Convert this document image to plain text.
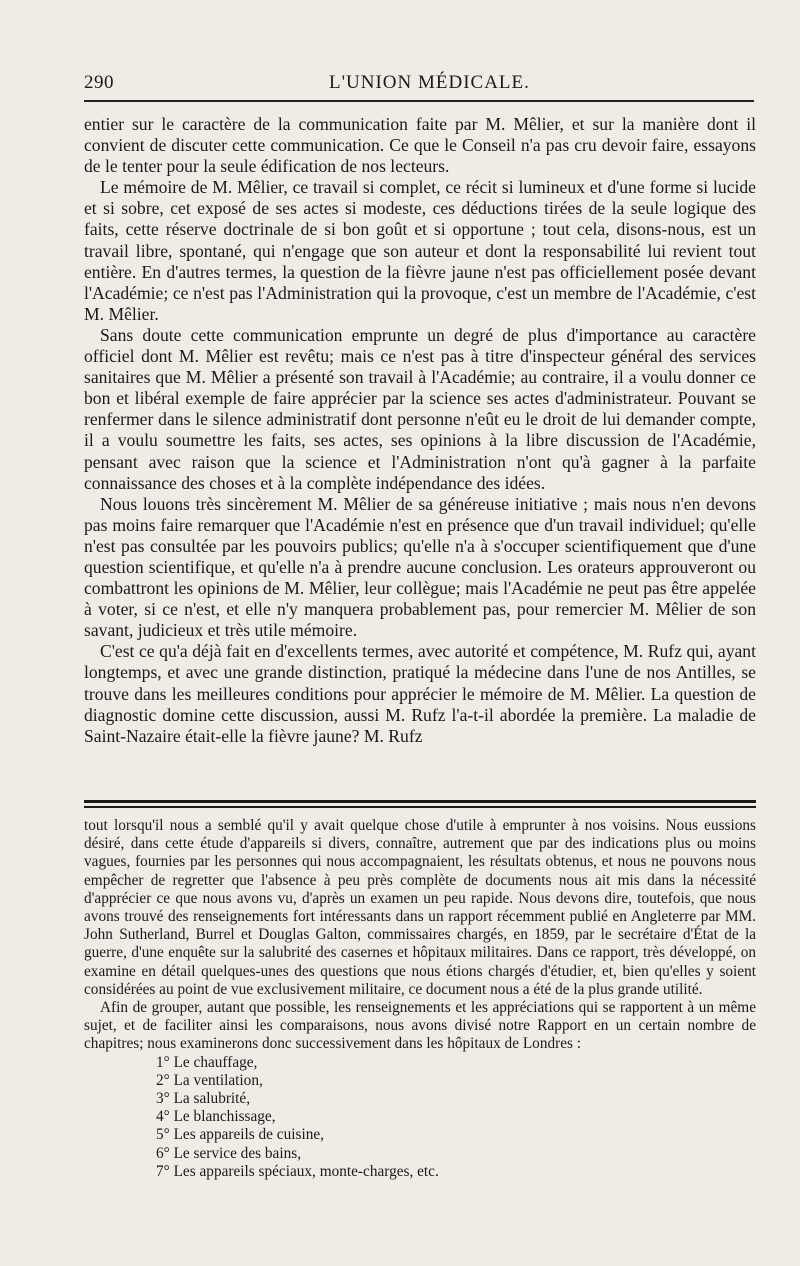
290	L'UNION MÉDICALE.

entier sur le caractère de la communication faite par M. Mêlier, et sur la manière dont il convient de discuter cette communication. Ce que le Conseil n'a pas cru devoir faire, essayons de le tenter pour la seule édification de nos lecteurs.

Le mémoire de M. Mêlier, ce travail si complet, ce récit si lumineux et d'une forme si lucide et si sobre, cet exposé de ses actes si modeste, ces déductions tirées de la seule logique des faits, cette réserve doctrinale de si bon goût et si opportune ; tout cela, disons-nous, est un travail libre, spontané, qui n'engage que son auteur et dont la responsabilité lui revient tout entière. En d'autres termes, la question de la fièvre jaune n'est pas officiellement posée devant l'Académie; ce n'est pas l'Administration qui la provoque, c'est un membre de l'Académie, c'est M. Mêlier.

Sans doute cette communication emprunte un degré de plus d'importance au caractère officiel dont M. Mêlier est revêtu; mais ce n'est pas à titre d'inspecteur général des services sanitaires que M. Mêlier a présenté son travail à l'Académie; au contraire, il a voulu donner ce bon et libéral exemple de faire apprécier par la science ses actes d'administrateur. Pouvant se renfermer dans le silence administratif dont personne n'eût eu le droit de lui demander compte, il a voulu soumettre les faits, ses actes, ses opinions à la libre discussion de l'Académie, pensant avec raison que la science et l'Administration n'ont qu'à gagner à la parfaite connaissance des choses et à la complète indépendance des idées.

Nous louons très sincèrement M. Mêlier de sa généreuse initiative ; mais nous n'en devons pas moins faire remarquer que l'Académie n'est en présence que d'un travail individuel; qu'elle n'est pas consultée par les pouvoirs publics; qu'elle n'a à s'occuper scientifiquement que d'une question scientifique, et qu'elle n'a à prendre aucune conclusion. Les orateurs approuveront ou combattront les opinions de M. Mêlier, leur collègue; mais l'Académie ne peut pas être appelée à voter, si ce n'est, et elle n'y manquera probablement pas, pour remercier M. Mêlier de son savant, judicieux et très utile mémoire.

C'est ce qu'a déjà fait en d'excellents termes, avec autorité et compétence, M. Rufz qui, ayant longtemps, et avec une grande distinction, pratiqué la médecine dans l'une de nos Antilles, se trouve dans les meilleures conditions pour apprécier le mémoire de M. Mêlier. La question de diagnostic domine cette discussion, aussi M. Rufz l'a-t-il abordée la première. La maladie de Saint-Nazaire était-elle la fièvre jaune? M. Rufz

tout lorsqu'il nous a semblé qu'il y avait quelque chose d'utile à emprunter à nos voisins. Nous eussions désiré, dans cette étude d'appareils si divers, connaître, autrement que par des indications plus ou moins vagues, fournies par les personnes qui nous accompagnaient, les résultats obtenus, et nous ne pouvons nous empêcher de regretter que l'absence à peu près complète de documents nous ait mis dans la nécessité d'apprécier ce que nous avons vu, d'après un examen un peu rapide. Nous devons dire, toutefois, que nous avons trouvé des renseignements fort intéressants dans un rapport récemment publié en Angleterre par MM. John Sutherland, Burrel et Douglas Galton, commissaires chargés, en 1859, par le secrétaire d'État de la guerre, d'une enquête sur la salubrité des casernes et hôpitaux militaires. Dans ce rapport, très développé, on examine en détail quelques-unes des questions que nous étions chargés d'étudier, et, bien qu'elles y soient considérées au point de vue exclusivement militaire, ce document nous a été de la plus grande utilité.

Afin de grouper, autant que possible, les renseignements et les appréciations qui se rapportent à un même sujet, et de faciliter ainsi les comparaisons, nous avons divisé notre Rapport en un certain nombre de chapitres; nous examinerons donc successivement dans les hôpitaux de Londres :

1° Le chauffage,
2° La ventilation,
3° La salubrité,
4° Le blanchissage,
5° Les appareils de cuisine,
6° Le service des bains,
7° Les appareils spéciaux, monte-charges, etc.
